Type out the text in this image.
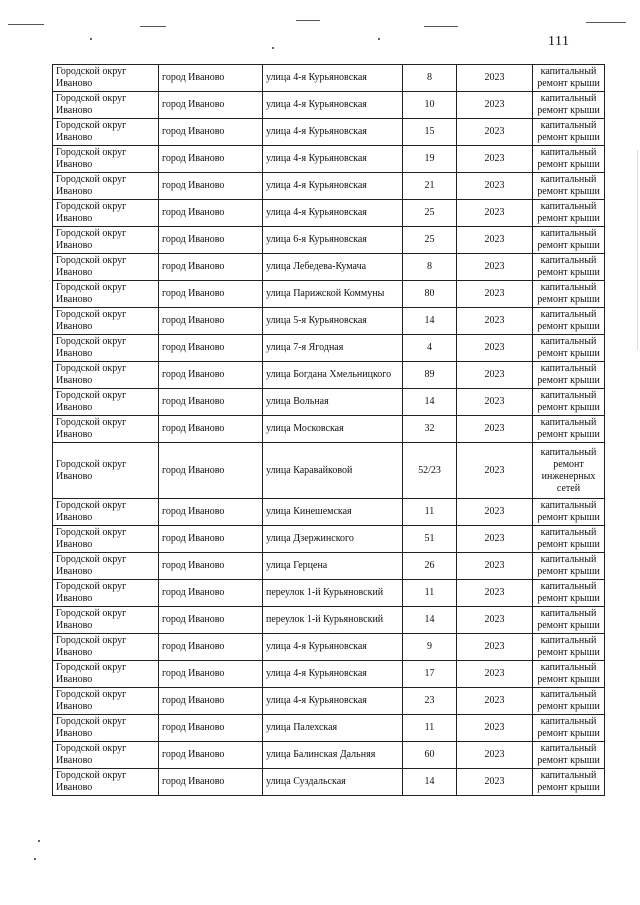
111
Городской округ Иваново	город Иваново	улица 4-я Курьяновская	8	2023	капитальный ремонт крыши
Городской округ Иваново	город Иваново	улица 4-я Курьяновская	10	2023	капитальный ремонт крыши
Городской округ Иваново	город Иваново	улица 4-я Курьяновская	15	2023	капитальный ремонт крыши
Городской округ Иваново	город Иваново	улица 4-я Курьяновская	19	2023	капитальный ремонт крыши
Городской округ Иваново	город Иваново	улица 4-я Курьяновская	21	2023	капитальный ремонт крыши
Городской округ Иваново	город Иваново	улица 4-я Курьяновская	25	2023	капитальный ремонт крыши
Городской округ Иваново	город Иваново	улица 6-я Курьяновская	25	2023	капитальный ремонт крыши
Городской округ Иваново	город Иваново	улица Лебедева-Кумача	8	2023	капитальный ремонт крыши
Городской округ Иваново	город Иваново	улица Парижской Коммуны	80	2023	капитальный ремонт крыши
Городской округ Иваново	город Иваново	улица 5-я Курьяновская	14	2023	капитальный ремонт крыши
Городской округ Иваново	город Иваново	улица 7-я Ягодная	4	2023	капитальный ремонт крыши
Городской округ Иваново	город Иваново	улица Богдана Хмельницкого	89	2023	капитальный ремонт крыши
Городской округ Иваново	город Иваново	улица Вольная	14	2023	капитальный ремонт крыши
Городской округ Иваново	город Иваново	улица Московская	32	2023	капитальный ремонт крыши
Городской округ Иваново	город Иваново	улица Каравайковой	52/23	2023	капитальный ремонт инженерных сетей
Городской округ Иваново	город Иваново	улица Кинешемская	11	2023	капитальный ремонт крыши
Городской округ Иваново	город Иваново	улица Дзержинского	51	2023	капитальный ремонт крыши
Городской округ Иваново	город Иваново	улица Герцена	26	2023	капитальный ремонт крыши
Городской округ Иваново	город Иваново	переулок 1-й Курьяновский	11	2023	капитальный ремонт крыши
Городской округ Иваново	город Иваново	переулок 1-й Курьяновский	14	2023	капитальный ремонт крыши
Городской округ Иваново	город Иваново	улица 4-я Курьяновская	9	2023	капитальный ремонт крыши
Городской округ Иваново	город Иваново	улица 4-я Курьяновская	17	2023	капитальный ремонт крыши
Городской округ Иваново	город Иваново	улица 4-я Курьяновская	23	2023	капитальный ремонт крыши
Городской округ Иваново	город Иваново	улица Палехская	11	2023	капитальный ремонт крыши
Городской округ Иваново	город Иваново	улица Балинская Дальняя	60	2023	капитальный ремонт крыши
Городской округ Иваново	город Иваново	улица Суздальская	14	2023	капитальный ремонт крыши
